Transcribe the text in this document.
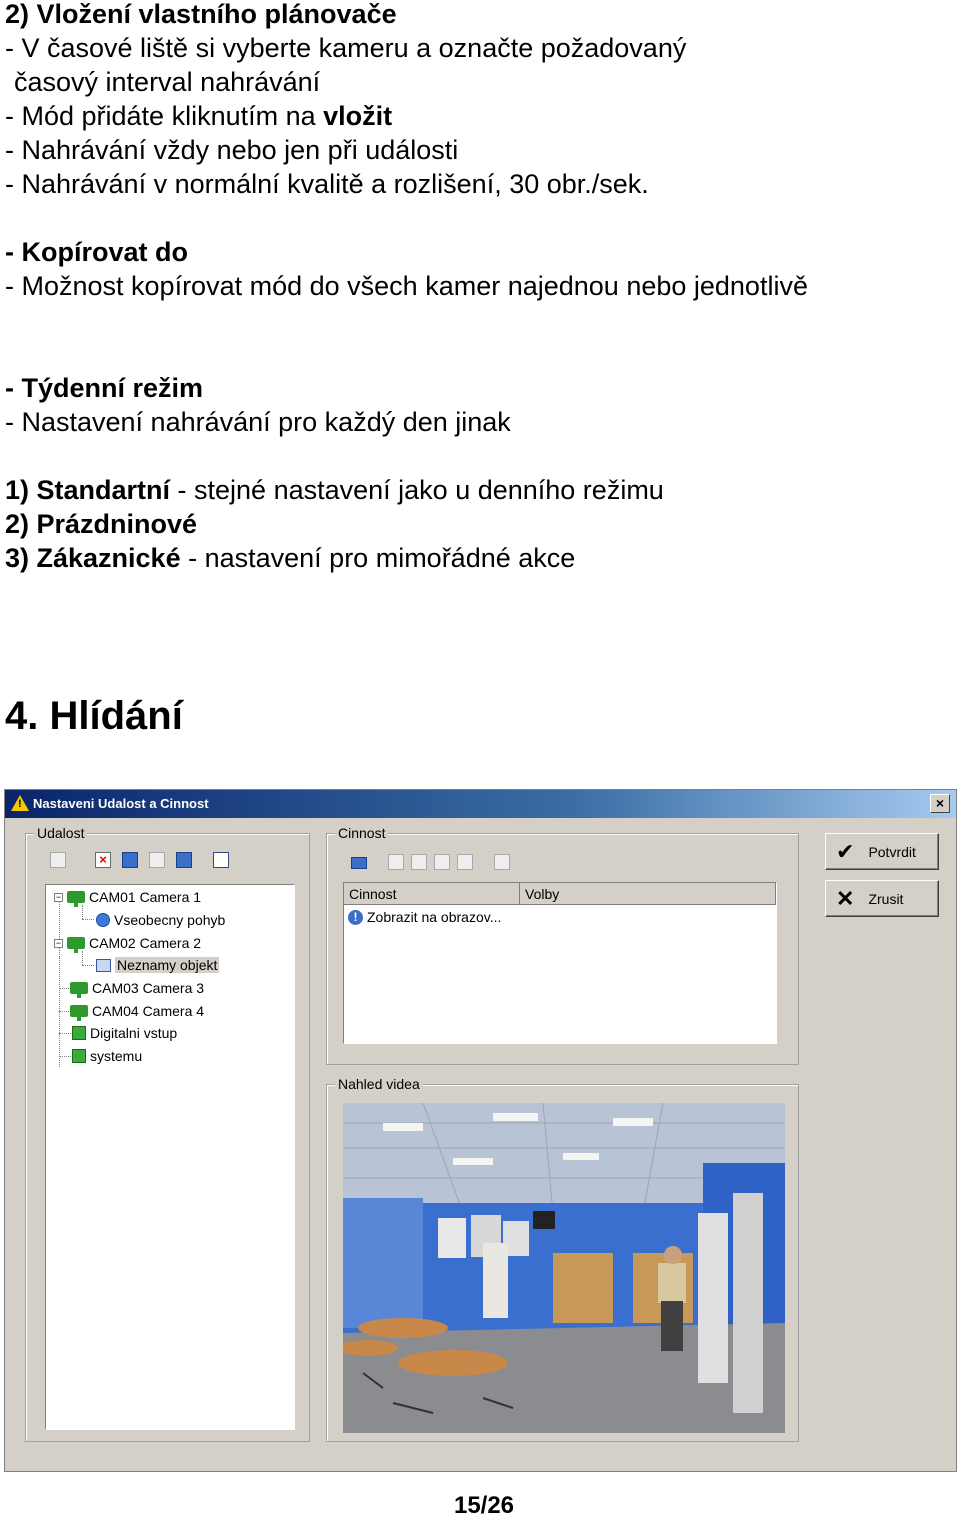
2) Vložení vlastního plánovače
- V časové liště si vyberte kameru a označte požadovaný
časový interval nahrávání
- Mód přidáte kliknutím na vložit
- Nahrávání vždy nebo jen při události
- Nahrávání v normální kvalitě a rozlišení, 30 obr./sek.
- Kopírovat do
- Možnost kopírovat mód do všech kamer najednou nebo jednotlivě
- Týdenní režim
- Nastavení nahrávání pro každý den jinak
1) Standartní - stejné nastavení jako u denního režimu
2) Prázdninové
3) Zákaznické - nastavení pro mimořádné akce
4. Hlídání
! Nastaveni Udalost a Cinnost	×
Udalost
×
− CAM01 Camera 1
Vseobecny pohyb
− CAM02 Camera 2
Neznamy objekt
CAM03 Camera 3
CAM04 Camera 4
Digitalni vstup
systemu
Cinnost
Cinnost	Volby
! Zobrazit na obrazov...
✔ Potvrdit
✕ Zrusit
Nahled videa
15/26
